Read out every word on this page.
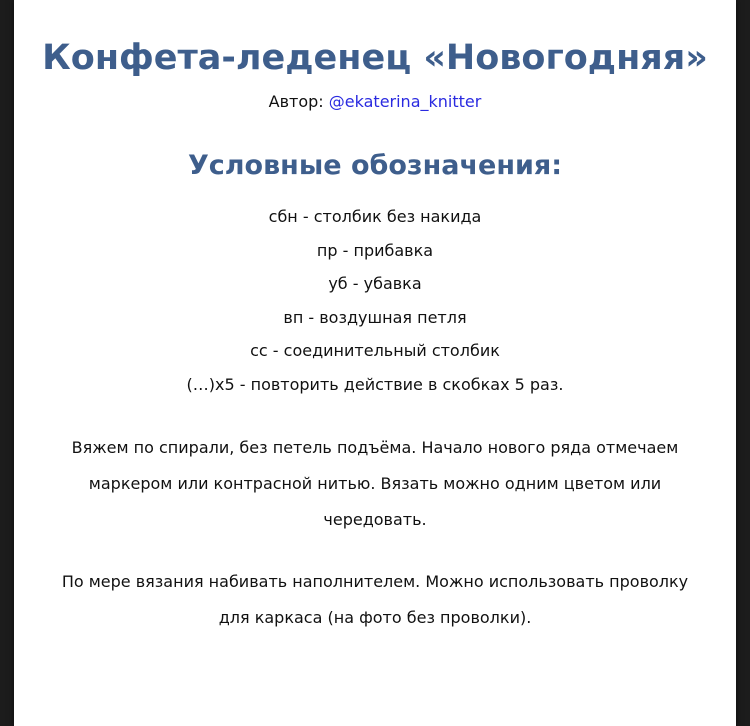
Конфета-леденец «Новогодняя»
Автор: @ekaterina_knitter
Условные обозначения:
сбн - столбик без накида
пр - прибавка
уб - убавка
вп - воздушная петля
сс - соединительный столбик
(…)х5 - повторить действие в скобках 5 раз.

Вяжем по спирали, без петель подъёма. Начало нового ряда отмечаем маркером или контрасной нитью. Вязать можно одним цветом или чередовать.

По мере вязания набивать наполнителем. Можно использовать проволку для каркаса (на фото без проволки).
